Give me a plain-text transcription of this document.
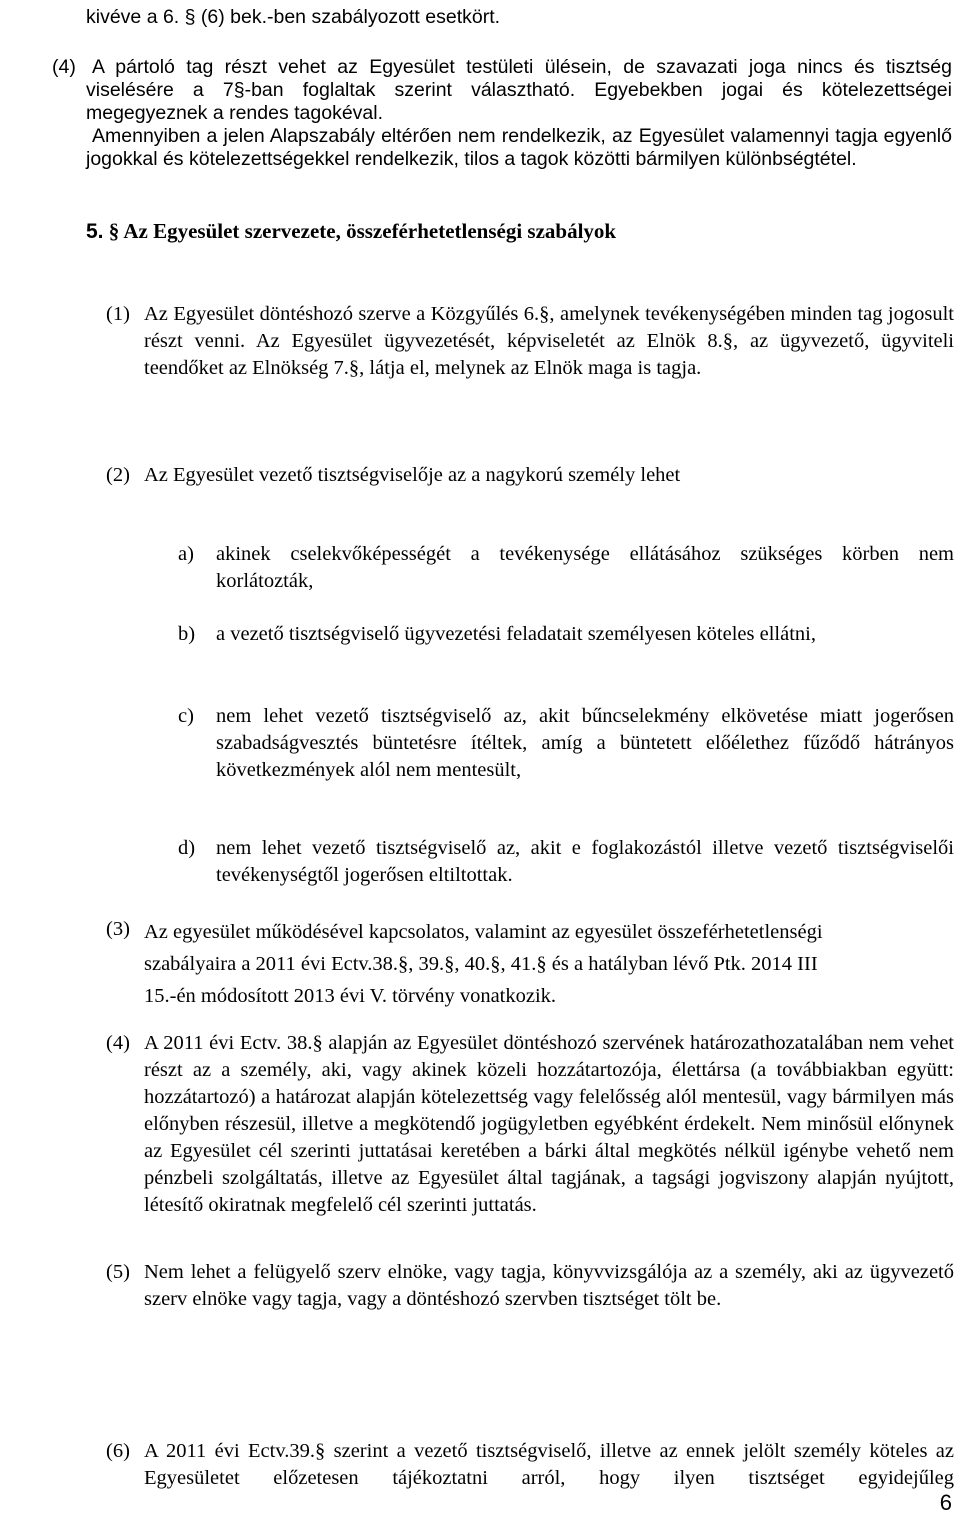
kivéve a 6. § (6) bek.-ben szabályozott esetkört.

(4) A pártoló tag részt vehet az Egyesület testületi ülésein, de szavazati joga nincs és tisztség viselésére a 7§-ban foglaltak szerint választható. Egyebekben jogai és kötelezettségei megegyeznek a rendes tagokéval.

Amennyiben a jelen Alapszabály eltérően nem rendelkezik, az Egyesület valamennyi tagja egyenlő jogokkal és kötelezettségekkel rendelkezik, tilos a tagok közötti bármilyen különbségtétel.

5. § Az Egyesület szervezete, összeférhetetlenségi szabályok
(1) Az Egyesület döntéshozó szerve a Közgyűlés 6.§, amelynek tevékenységében minden tag jogosult részt venni. Az Egyesület ügyvezetését, képviseletét az Elnök 8.§, az ügyvezető, ügyviteli teendőket az Elnökség 7.§, látja el, melynek az Elnök maga is tagja.
(2) Az Egyesület vezető tisztségviselője az a nagykorú személy lehet
a) akinek cselekvőképességét a tevékenysége ellátásához szükséges körben nem korlátozták,
b) a vezető tisztségviselő ügyvezetési feladatait személyesen köteles ellátni,
c) nem lehet vezető tisztségviselő az, akit bűncselekmény elkövetése miatt jogerősen szabadságvesztés büntetésre ítéltek, amíg a büntetett előélethez fűződő hátrányos következmények alól nem mentesült,
d) nem lehet vezető tisztségviselő az, akit e foglakozástól illetve vezető tisztségviselői tevékenységtől jogerősen eltiltottak.
(3) Az egyesület működésével kapcsolatos, valamint az egyesület összeférhetetlenségi
szabályaira a 2011 évi Ectv.38.§, 39.§, 40.§, 41.§ és a hatályban lévő Ptk. 2014 III
15.-én módosított 2013 évi V. törvény vonatkozik.
(4) A 2011 évi Ectv. 38.§ alapján az Egyesület döntéshozó szervének határozathozatalában nem vehet részt az a személy, aki, vagy akinek közeli hozzátartozója, élettársa (a továbbiakban együtt: hozzátartozó) a határozat alapján kötelezettség vagy felelősség alól mentesül, vagy bármilyen más előnyben részesül, illetve a megkötendő jogügyletben egyébként érdekelt. Nem minősül előnynek az Egyesület cél szerinti juttatásai keretében a bárki által megkötés nélkül igénybe vehető nem pénzbeli szolgáltatás, illetve az Egyesület által tagjának, a tagsági jogviszony alapján nyújtott, létesítő okiratnak megfelelő cél szerinti juttatás.
(5) Nem lehet a felügyelő szerv elnöke, vagy tagja, könyvvizsgálója az a személy, aki az ügyvezető szerv elnöke vagy tagja, vagy a döntéshozó szervben tisztséget tölt be.
(6) A 2011 évi Ectv.39.§ szerint a vezető tisztségviselő, illetve az ennek jelölt személy köteles az Egyesületet előzetesen tájékoztatni arról, hogy ilyen tisztséget egyidejűleg
6
